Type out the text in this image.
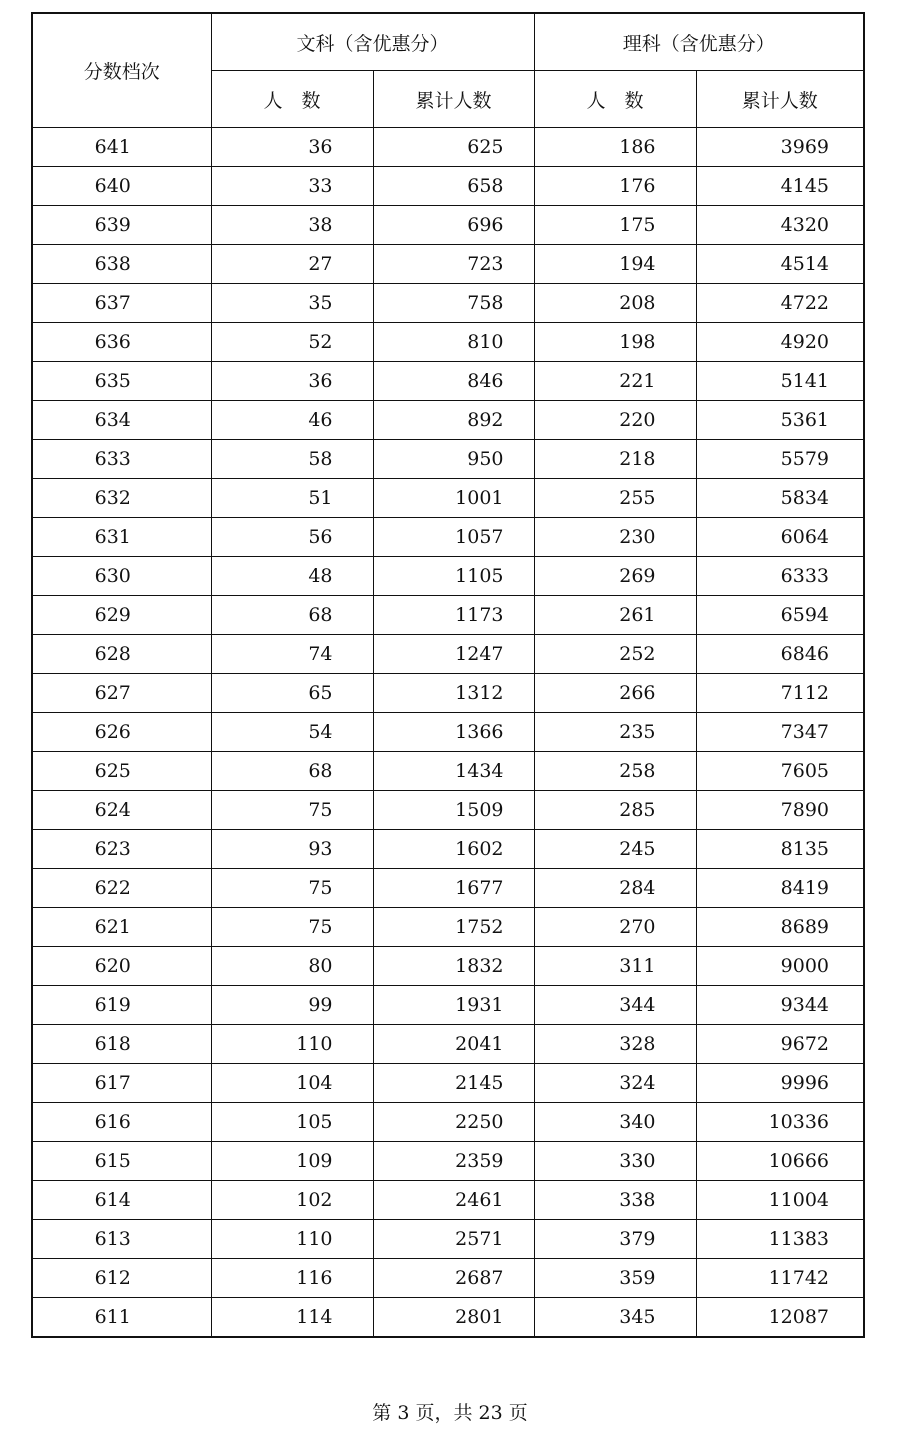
分数档次	文科（含优惠分）		理科（含优惠分）	
	人　数	累计人数	人　数	累计人数
641	36	625	186	3969
640	33	658	176	4145
639	38	696	175	4320
638	27	723	194	4514
637	35	758	208	4722
636	52	810	198	4920
635	36	846	221	5141
634	46	892	220	5361
633	58	950	218	5579
632	51	1001	255	5834
631	56	1057	230	6064
630	48	1105	269	6333
629	68	1173	261	6594
628	74	1247	252	6846
627	65	1312	266	7112
626	54	1366	235	7347
625	68	1434	258	7605
624	75	1509	285	7890
623	93	1602	245	8135
622	75	1677	284	8419
621	75	1752	270	8689
620	80	1832	311	9000
619	99	1931	344	9344
618	110	2041	328	9672
617	104	2145	324	9996
616	105	2250	340	10336
615	109	2359	330	10666
614	102	2461	338	11004
613	110	2571	379	11383
612	116	2687	359	11742
611	114	2801	345	12087
第 3 页，共 23 页
